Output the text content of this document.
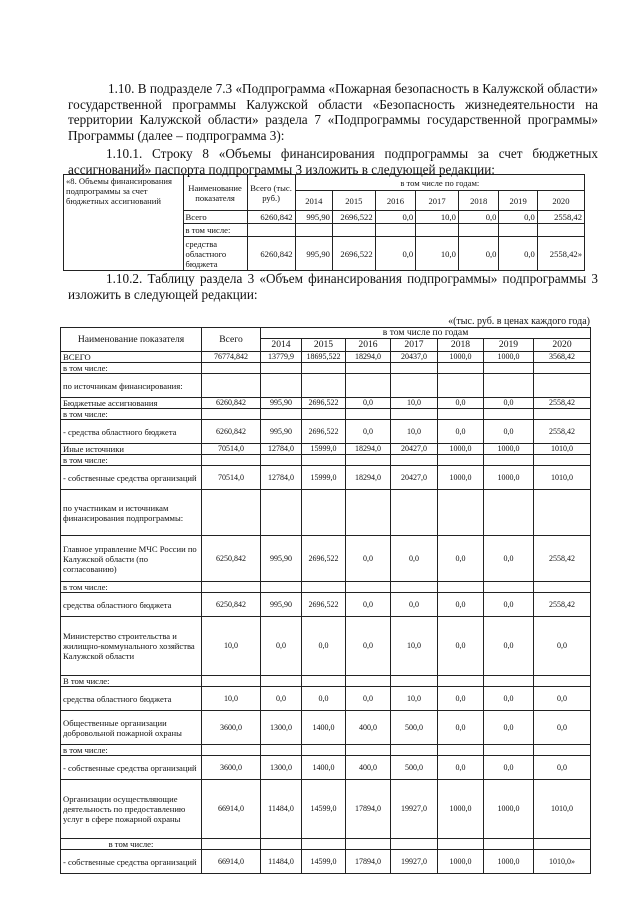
1.10. В подразделе 7.3 «Подпрограмма «Пожарная безопасность в Калужской области» государственной программы Калужской области «Безопасность жизнедеятельности на территории Калужской области» раздела 7 «Подпрограммы государственной программы» Программы (далее – подпрограмма 3):
1.10.1. Строку 8 «Объемы финансирования подпрограммы за счет бюджетных ассигнований» паспорта подпрограммы 3 изложить в следующей редакции:
«8. Объемы финансирования подпрограммы за счет бюджетных ассигнований	Наименование показателя	Всего (тыс. руб.)	в том числе по годам:						
			2014	2015	2016	2017	2018	2019	2020
	Всего	6260,842	995,90	2696,522	0,0	10,0	0,0	0,0	2558,42
	в том числе:								
	средства областного бюджета	6260,842	995,90	2696,522	0,0	10,0	0,0	0,0	2558,42»
1.10.2. Таблицу раздела 3 «Объем финансирования подпрограммы» подпрограммы 3 изложить в следующей редакции:
«(тыс. руб. в ценах каждого года)
Наименование показателя	Всего	в том числе по годам						
		2014	2015	2016	2017	2018	2019	2020
ВСЕГО	76774,842	13779,9	18695,522	18294,0	20437,0	1000,0	1000,0	3568,42
в том числе:								
по источникам финансирования:								
Бюджетные ассигнования	6260,842	995,90	2696,522	0,0	10,0	0,0	0,0	2558,42
в том числе:								
- средства областного бюджета	6260,842	995,90	2696,522	0,0	10,0	0,0	0,0	2558,42
Иные источники	70514,0	12784,0	15999,0	18294,0	20427,0	1000,0	1000,0	1010,0
в том числе:								
- собственные средства организаций	70514,0	12784,0	15999,0	18294,0	20427,0	1000,0	1000,0	1010,0
по участникам и источникам финансирования подпрограммы:								
Главное управление МЧС России по Калужской области (по согласованию)	6250,842	995,90	2696,522	0,0	0,0	0,0	0,0	2558,42
в том числе:								
средства областного бюджета	6250,842	995,90	2696,522	0,0	0,0	0,0	0,0	2558,42
Министерство строительства и жилищно-коммунального хозяйства Калужской области	10,0	0,0	0,0	0,0	10,0	0,0	0,0	0,0
В том числе:								
средства областного бюджета	10,0	0,0	0,0	0,0	10,0	0,0	0,0	0,0
Общественные организации добровольной пожарной охраны	3600,0	1300,0	1400,0	400,0	500,0	0,0	0,0	0,0
в том числе:								
- собственные средства организаций	3600,0	1300,0	1400,0	400,0	500,0	0,0	0,0	0,0
Организации осуществляющие деятельность по предоставлению услуг в сфере пожарной охраны	66914,0	11484,0	14599,0	17894,0	19927,0	1000,0	1000,0	1010,0
в том числе:								
- собственные средства организаций	66914,0	11484,0	14599,0	17894,0	19927,0	1000,0	1000,0	1010,0»
